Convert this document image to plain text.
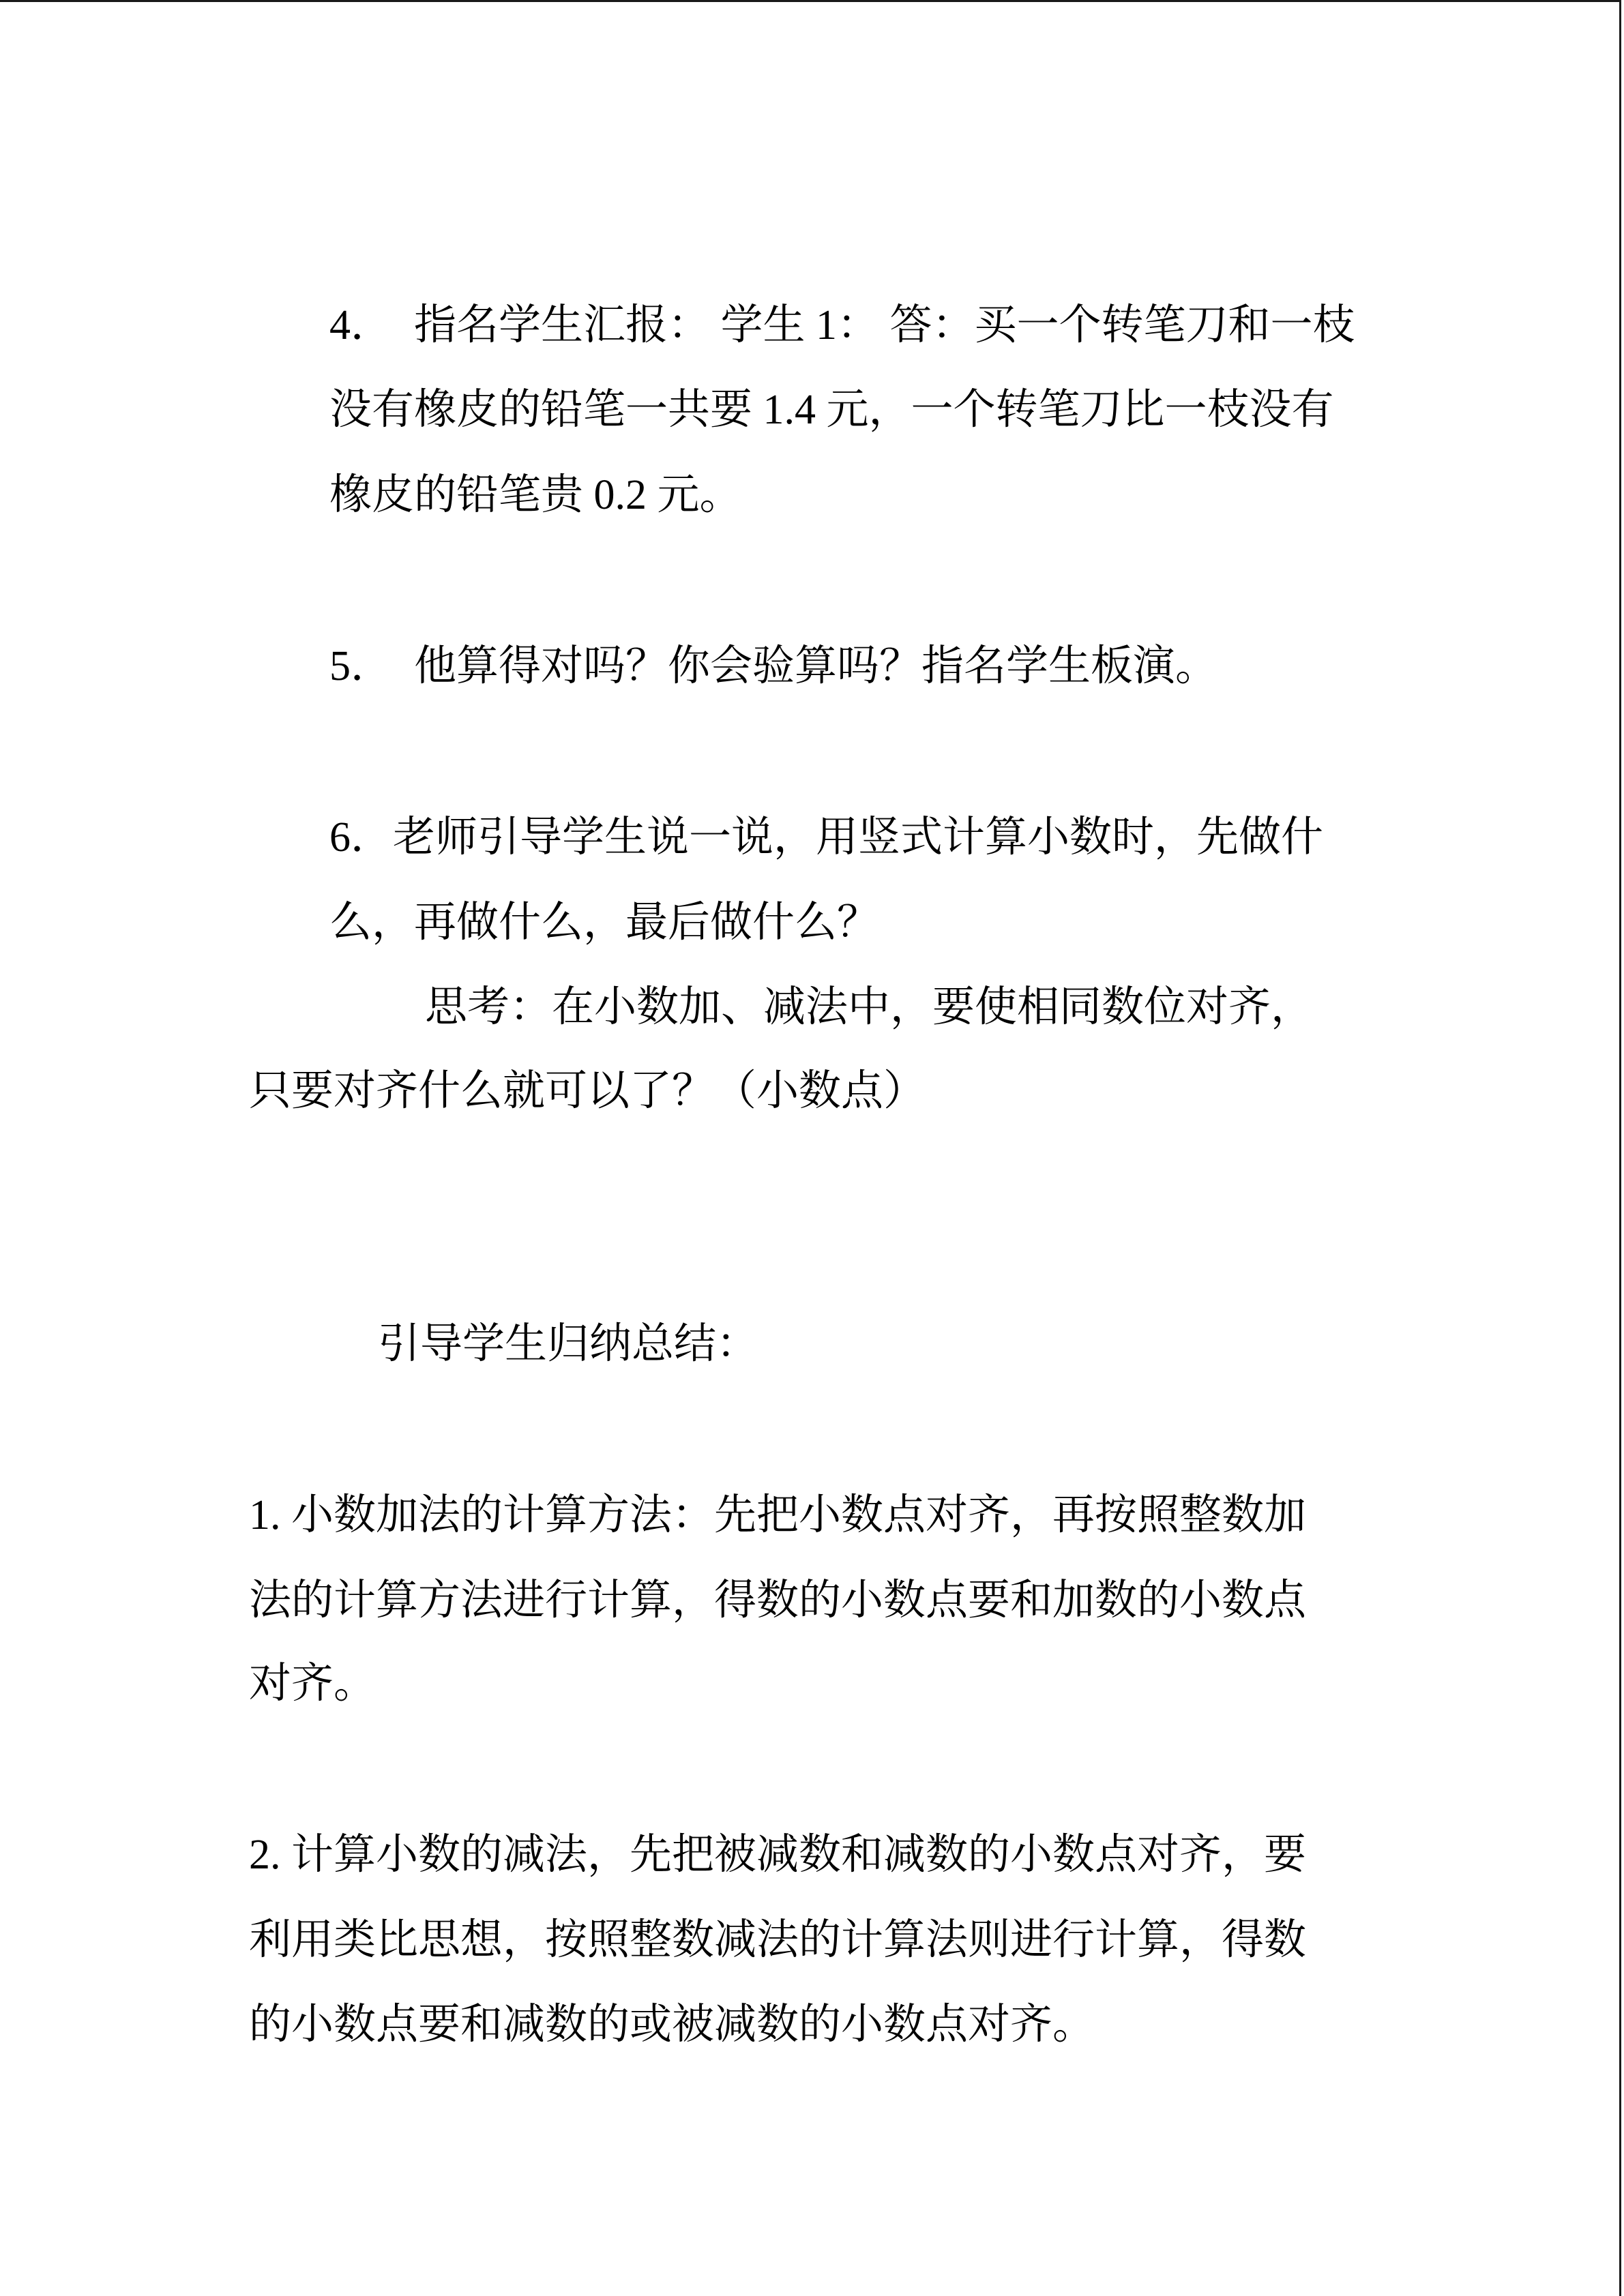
4．  指名学生汇报： 学生 1： 答：买一个转笔刀和一枝
没有橡皮的铅笔一共要 1.4 元，一个转笔刀比一枝没有
橡皮的铅笔贵 0.2 元。
5．  他算得对吗？你会验算吗？指名学生板演。
6．老师引导学生说一说，用竖式计算小数时，先做什
么，再做什么，最后做什么？
思考：在小数加、减法中，要使相同数位对齐，
只要对齐什么就可以了？（小数点）
引导学生归纳总结：
1. 小数加法的计算方法：先把小数点对齐，再按照整数加
法的计算方法进行计算，得数的小数点要和加数的小数点
对齐。
2. 计算小数的减法，先把被减数和减数的小数点对齐，要
利用类比思想，按照整数减法的计算法则进行计算，得数
的小数点要和减数的或被减数的小数点对齐。
